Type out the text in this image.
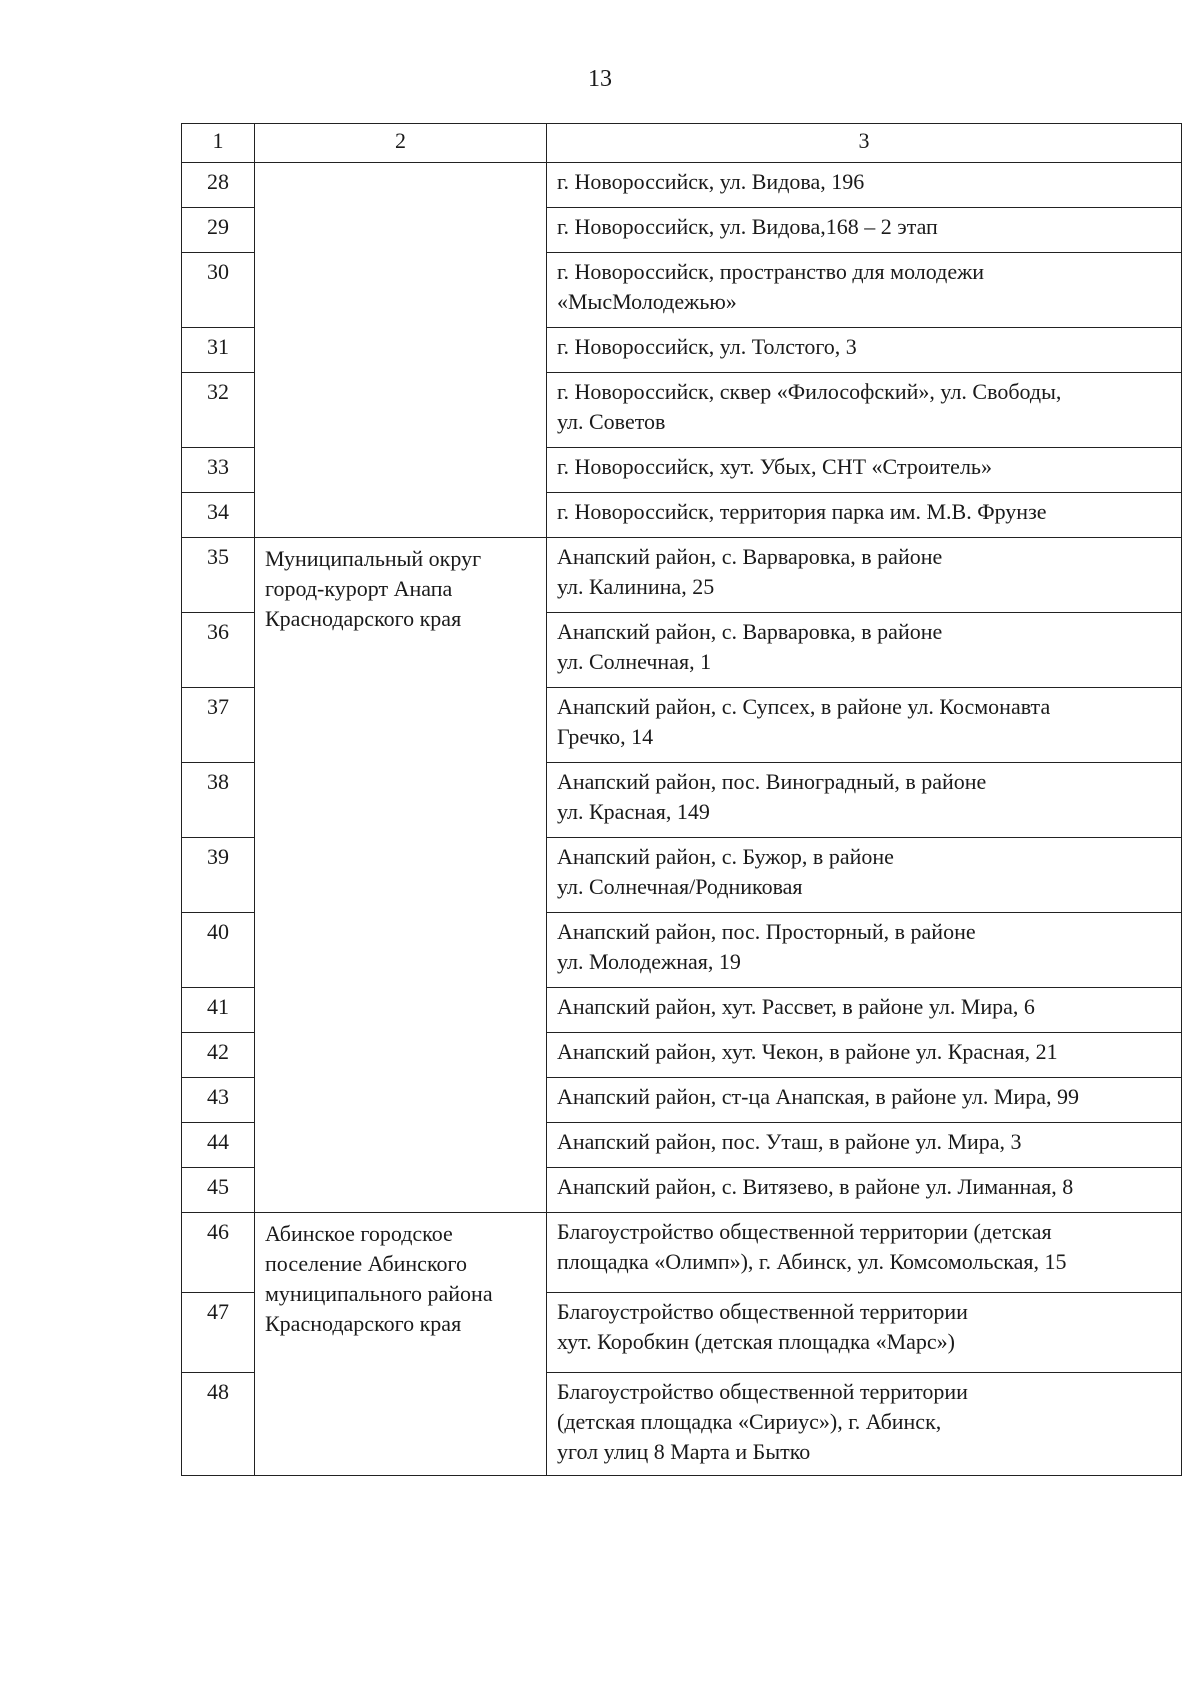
13
1	2	3
28		г. Новороссийск, ул. Видова, 196

29		г. Новороссийск, ул. Видова,168 – 2 этап

30		г. Новороссийск, пространство для молодежи
«МысМолодежью»

31		г. Новороссийск, ул. Толстого, 3

32		г. Новороссийск, сквер «Философский», ул. Свободы,
ул. Советов

33		г. Новороссийск, хут. Убых, СНТ «Строитель»

34		г. Новороссийск, территория парка им. М.В. Фрунзе

35	Муниципальный округ
город-курорт Анапа
Краснодарского края	Анапский район, с. Варваровка, в районе
ул. Калинина, 25

36		Анапский район, с. Варваровка, в районе
ул. Солнечная, 1

37		Анапский район, с. Супсех, в районе ул. Космонавта
Гречко, 14

38		Анапский район, пос. Виноградный, в районе
ул. Красная, 149

39		Анапский район, с. Бужор, в районе
ул. Солнечная/Родниковая

40		Анапский район, пос. Просторный, в районе
ул. Молодежная, 19

41		Анапский район, хут. Рассвет, в районе ул. Мира, 6

42		Анапский район, хут. Чекон, в районе ул. Красная, 21

43		Анапский район, ст-ца Анапская, в районе ул. Мира, 99

44		Анапский район, пос. Уташ, в районе ул. Мира, 3

45		Анапский район, с. Витязево, в районе ул. Лиманная, 8

46	Абинское городское
поселение Абинского
муниципального района
Краснодарского края	Благоустройство общественной территории (детская
площадка «Олимп»), г. Абинск, ул. Комсомольская, 15

47		Благоустройство общественной территории
хут. Коробкин (детская площадка «Марс»)

48		Благоустройство общественной территории
(детская площадка «Сириус»), г. Абинск,
угол улиц 8 Марта и Бытко
